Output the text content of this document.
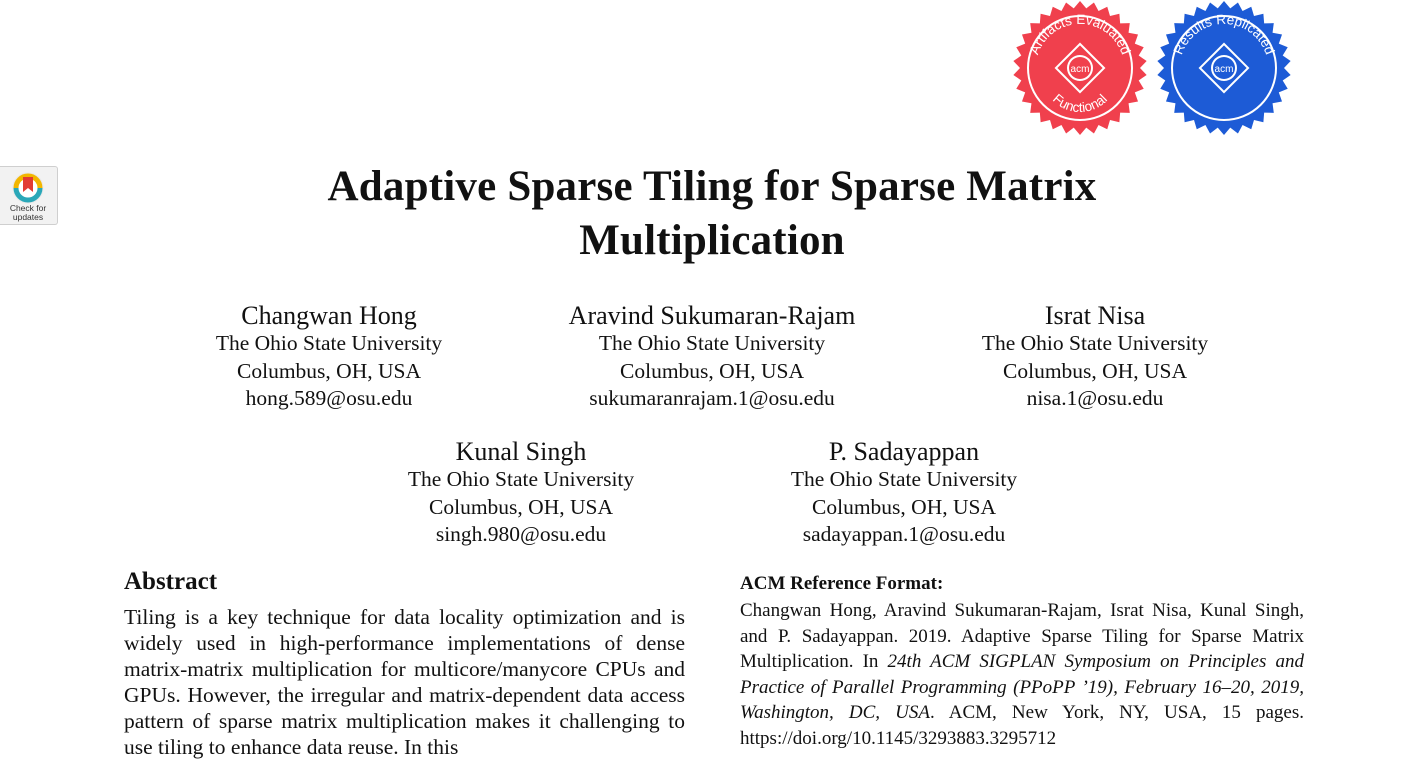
Check for
updates
Artifacts Evaluated
Functional
acm
Results Replicated
acm
Adaptive Sparse Tiling for Sparse Matrix
Multiplication
Changwan Hong
The Ohio State University
Columbus, OH, USA
hong.589@osu.edu
Aravind Sukumaran-Rajam
The Ohio State University
Columbus, OH, USA
sukumaranrajam.1@osu.edu
Israt Nisa
The Ohio State University
Columbus, OH, USA
nisa.1@osu.edu
Kunal Singh
The Ohio State University
Columbus, OH, USA
singh.980@osu.edu
P. Sadayappan
The Ohio State University
Columbus, OH, USA
sadayappan.1@osu.edu
Abstract

Tiling is a key technique for data locality optimization and is widely used in high-performance implementations of dense matrix-matrix multiplication for multicore/manycore CPUs and GPUs. However, the irregular and matrix-dependent data access pattern of sparse matrix multiplication makes it challenging to use tiling to enhance data reuse. In this

ACM Reference Format:

Changwan Hong, Aravind Sukumaran-Rajam, Israt Nisa, Kunal Singh, and P. Sadayappan. 2019. Adaptive Sparse Tiling for Sparse Matrix Multiplication. In 24th ACM SIGPLAN Symposium on Principles and Practice of Parallel Programming (PPoPP ’19), February 16–20, 2019, Washington, DC, USA. ACM, New York, NY, USA, 15 pages. https://doi.org/10.1145/3293883.3295712
